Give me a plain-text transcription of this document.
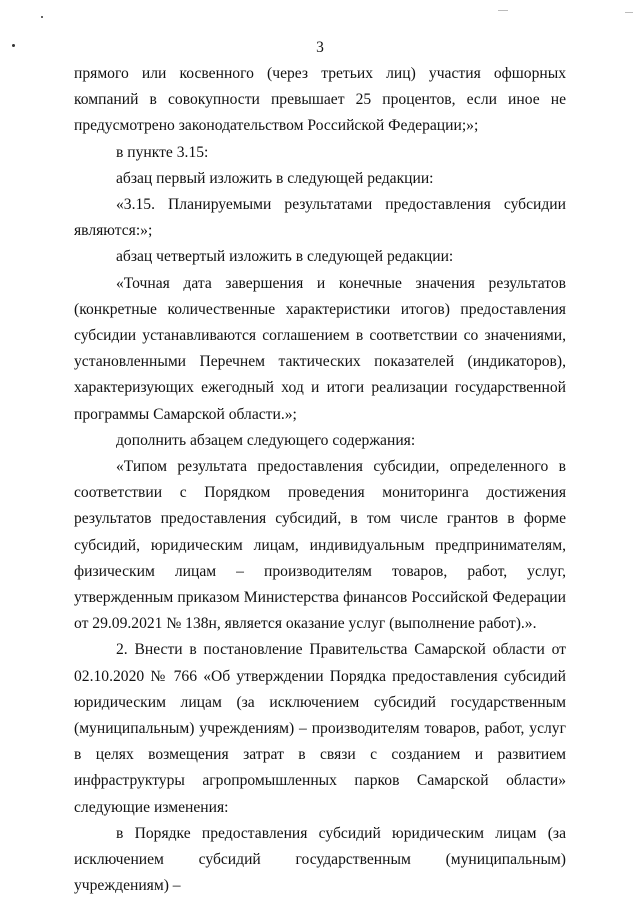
3

прямого или косвенного (через третьих лиц) участия офшорных компаний в совокупности превышает 25 процентов, если иное не предусмотрено законодательством Российской Федерации;»;

в пункте 3.15:

абзац первый изложить в следующей редакции:

«3.15. Планируемыми результатами предоставления субсидии являются:»;

абзац четвертый изложить в следующей редакции:

«Точная дата завершения и конечные значения результатов (конкретные количественные характеристики итогов) предоставления субсидии устанавливаются соглашением в соответствии со значениями, установленными Перечнем тактических показателей (индикаторов), характеризующих ежегодный ход и итоги реализации государственной программы Самарской области.»;

дополнить абзацем следующего содержания:

«Типом результата предоставления субсидии, определенного в соответствии с Порядком проведения мониторинга достижения результатов предоставления субсидий, в том числе грантов в форме субсидий, юридическим лицам, индивидуальным предпринимателям, физическим лицам – производителям товаров, работ, услуг, утвержденным приказом Министерства финансов Российской Федерации от 29.09.2021 № 138н, является оказание услуг (выполнение работ).».

2. Внести в постановление Правительства Самарской области от 02.10.2020 № 766 «Об утверждении Порядка предоставления субсидий юридическим лицам (за исключением субсидий государственным (муниципальным) учреждениям) – производителям товаров, работ, услуг в целях возмещения затрат в связи с созданием и развитием инфраструктуры агропромышленных парков Самарской области» следующие изменения:

в Порядке предоставления субсидий юридическим лицам (за исключением субсидий государственным (муниципальным) учреждениям) –
